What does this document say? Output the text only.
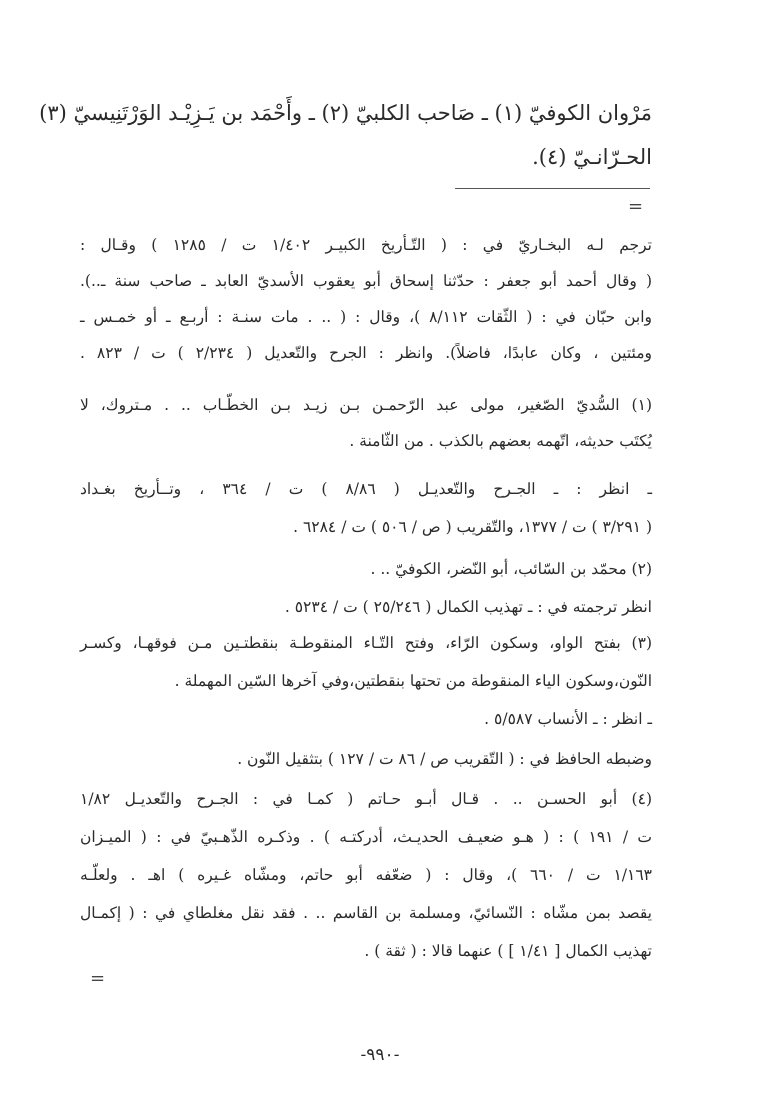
مَرْوان الكوفيّ (١) ـ صَاحب الكلبيّ (٢) ـ وأَحْمَد بن يَـزِيْـد الوَرْتَنِيسيّ (٣)
الحـرّانـيّ (٤).
=
ترجم لـه البخـاريّ في : ( التّـأريخ الكبيـر ١/٤٠٢ ت / ١٢٨٥ ) وقـال :
( وقال أحمد أبو جعفر : حدّثنا إسحاق أبو يعقوب الأسديّ العابد ـ صاحب سنة ـ..).
وابن حبّان في : ( الثّقات ٨/١١٢ )، وقال : ( .. . مات سنـة : أربـع ـ أو خمـس ـ
ومئتين ، وكان عابدًا، فاضلاً). وانظر : الجرح والتّعديل ( ٢/٢٣٤ ) ت / ٨٢٣ .
(١) السُّديّ الصّغير، مولى عبد الرّحمـن بـن زيـد بـن الخطّـاب .. . مـتروك، لا
يُكتَب حديثه، اتّهمه بعضهم بالكذب . من الثّامنة .
ـ انظر : ـ الجـرح والتّعديـل ( ٨/٨٦ ) ت / ٣٦٤ ، وتــأريخ بغـداد
( ٣/٢٩١ ) ت / ١٣٧٧، والتّقريب ( ص / ٥٠٦ ) ت / ٦٢٨٤ .
(٢) محمّد بن السّائب، أبو النّضر، الكوفيّ .. .
انظر ترجمته في : ـ تهذيب الكمال ( ٢٥/٢٤٦ ) ت / ٥٢٣٤ .
(٣) بفتح الواو، وسكون الرّاء، وفتح التّـاء المنقوطـة بنقطتـين مـن فوقهـا، وكسـر
النّون،وسكون الياء المنقوطة من تحتها بنقطتين،وفي آخرها السّين المهملة .
ـ انظر : ـ الأنساب ٥/٥٨٧ .
وضبطه الحافظ في : ( التّقريب ص / ٨٦ ت / ١٢٧ ) بتثقيل النّون .
(٤) أبو الحسـن .. . قـال أبـو حـاتم ( كمـا في : الجـرح والتّعديـل ١/٨٢
ت / ١٩١ ) : ( هـو ضعيـف الحديـث، أدركتـه ) . وذكـره الذّهـبيّ في : ( الميـزان
١/١٦٣ ت / ٦٦٠ )، وقال : ( ضعّفه أبو حاتم، ومشّاه غـيره ) اهـ . ولعلّـه
يقصد بمن مشّاه : النّسائيّ، ومسلمة بن القاسم .. . فقد نقل مغلطاي في : ( إكمـال
تهذيب الكمال [ ١/٤١ ] ) عنهما قالا : ( ثقة ) .
=
-٩٩٠-
